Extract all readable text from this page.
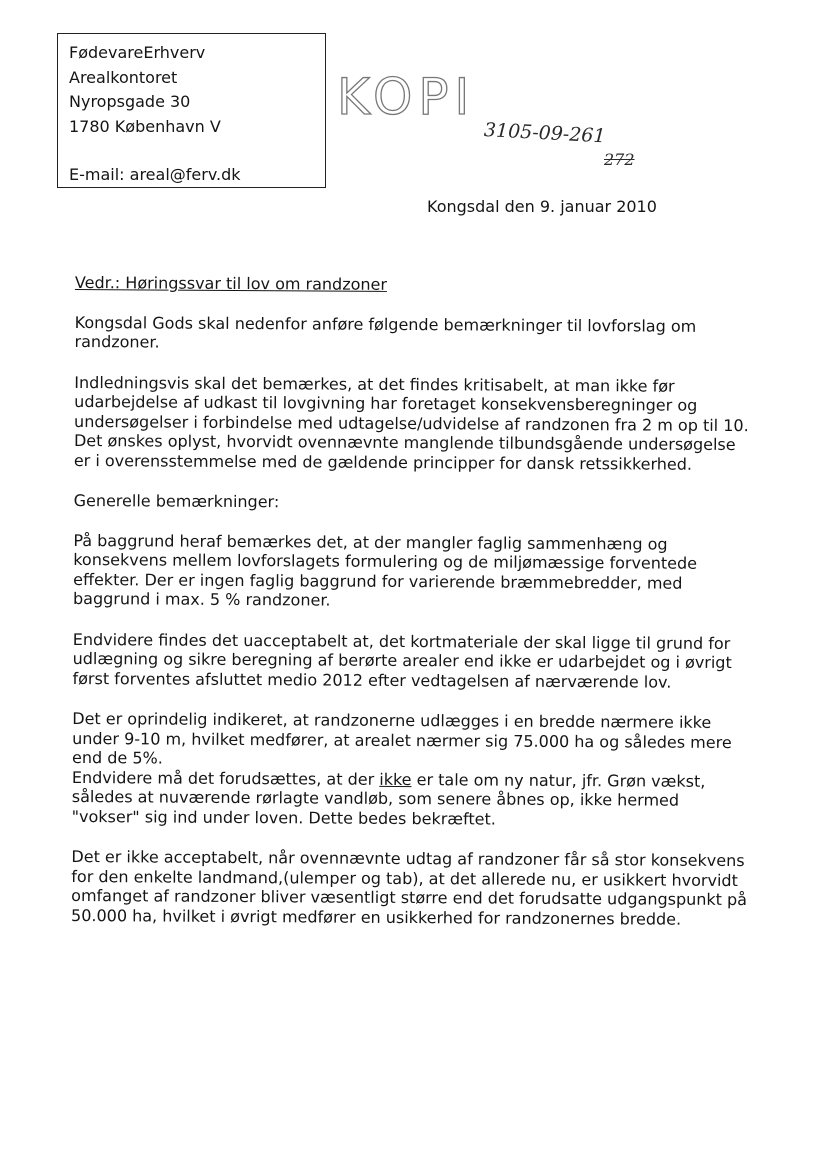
FødevareErhverv
Arealkontoret
Nyropsgade 30
1780 København V
E-mail: areal@ferv.dk
KOPI
3105-09-261
272
Kongsdal den 9. januar 2010

Vedr.: Høringssvar til lov om randzoner

Kongsdal Gods skal nedenfor anføre følgende bemærkninger til lovforslag om randzoner.

Indledningsvis skal det bemærkes, at det findes kritisabelt, at man ikke før udarbejdelse af udkast til lovgivning har foretaget konsekvensberegninger og undersøgelser i forbindelse med udtagelse/udvidelse af randzonen fra 2 m op til 10. Det ønskes oplyst, hvorvidt ovennævnte manglende tilbundsgående undersøgelse er i overensstemmelse med de gældende principper for dansk retssikkerhed.

Generelle bemærkninger:

På baggrund heraf bemærkes det, at der mangler faglig sammenhæng og konsekvens mellem lovforslagets formulering og de miljømæssige forventede effekter. Der er ingen faglig baggrund for varierende bræmmebredder, med baggrund i max. 5 % randzoner.

Endvidere findes det uacceptabelt at, det kortmateriale der skal ligge til grund for udlægning og sikre beregning af berørte arealer end ikke er udarbejdet og i øvrigt først forventes afsluttet medio 2012 efter vedtagelsen af nærværende lov.

Det er oprindelig indikeret, at randzonerne udlægges i en bredde nærmere ikke under 9-10 m, hvilket medfører, at arealet nærmer sig 75.000 ha og således mere end de 5%.

Endvidere må det forudsættes, at der ikke er tale om ny natur, jfr. Grøn vækst, således at nuværende rørlagte vandløb, som senere åbnes op, ikke hermed "vokser" sig ind under loven. Dette bedes bekræftet.

Det er ikke acceptabelt, når ovennævnte udtag af randzoner får så stor konsekvens for den enkelte landmand,(ulemper og tab), at det allerede nu, er usikkert hvorvidt omfanget af randzoner bliver væsentligt større end det forudsatte udgangspunkt på 50.000 ha, hvilket i øvrigt medfører en usikkerhed for randzonernes bredde.
